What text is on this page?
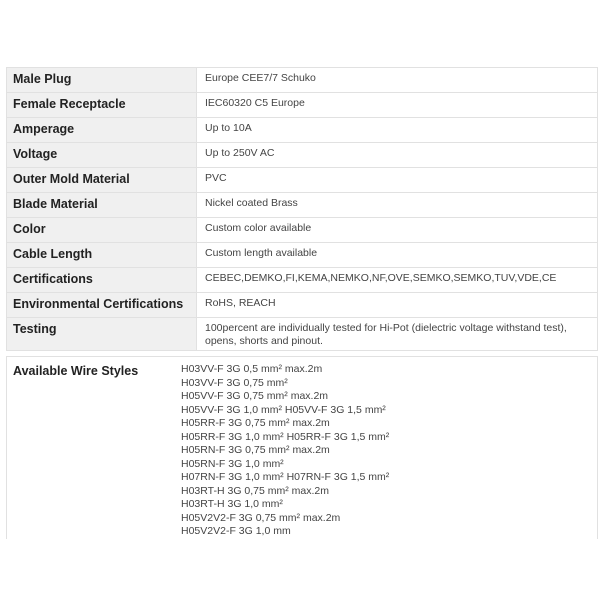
Male Plug	Europe CEE7/7 Schuko
Female Receptacle	IEC60320 C5 Europe
Amperage	Up to 10A
Voltage	Up to 250V AC
Outer Mold Material	PVC
Blade Material	Nickel coated Brass
Color	Custom color available
Cable Length	Custom length available
Certifications	CEBEC,DEMKO,FI,KEMA,NEMKO,NF,OVE,SEMKO,SEMKO,TUV,VDE,CE
Environmental Certifications	RoHS, REACH
Testing	100percent are individually tested for Hi-Pot (dielectric voltage withstand test), opens, shorts and pinout.
Available Wire Styles	H03VV-F 3G 0,5 mm² max.2m
H03VV-F 3G 0,75 mm²
H05VV-F 3G 0,75 mm² max.2m
H05VV-F 3G 1,0 mm² H05VV-F 3G 1,5 mm²
H05RR-F 3G 0,75 mm² max.2m
H05RR-F 3G 1,0 mm² H05RR-F 3G 1,5 mm²
H05RN-F 3G 0,75 mm² max.2m
H05RN-F 3G 1,0 mm²
H07RN-F 3G 1,0 mm² H07RN-F 3G 1,5 mm²
H03RT-H 3G 0,75 mm² max.2m
H03RT-H 3G 1,0 mm²
H05V2V2-F 3G 0,75 mm² max.2m
H05V2V2-F 3G 1,0 mm
